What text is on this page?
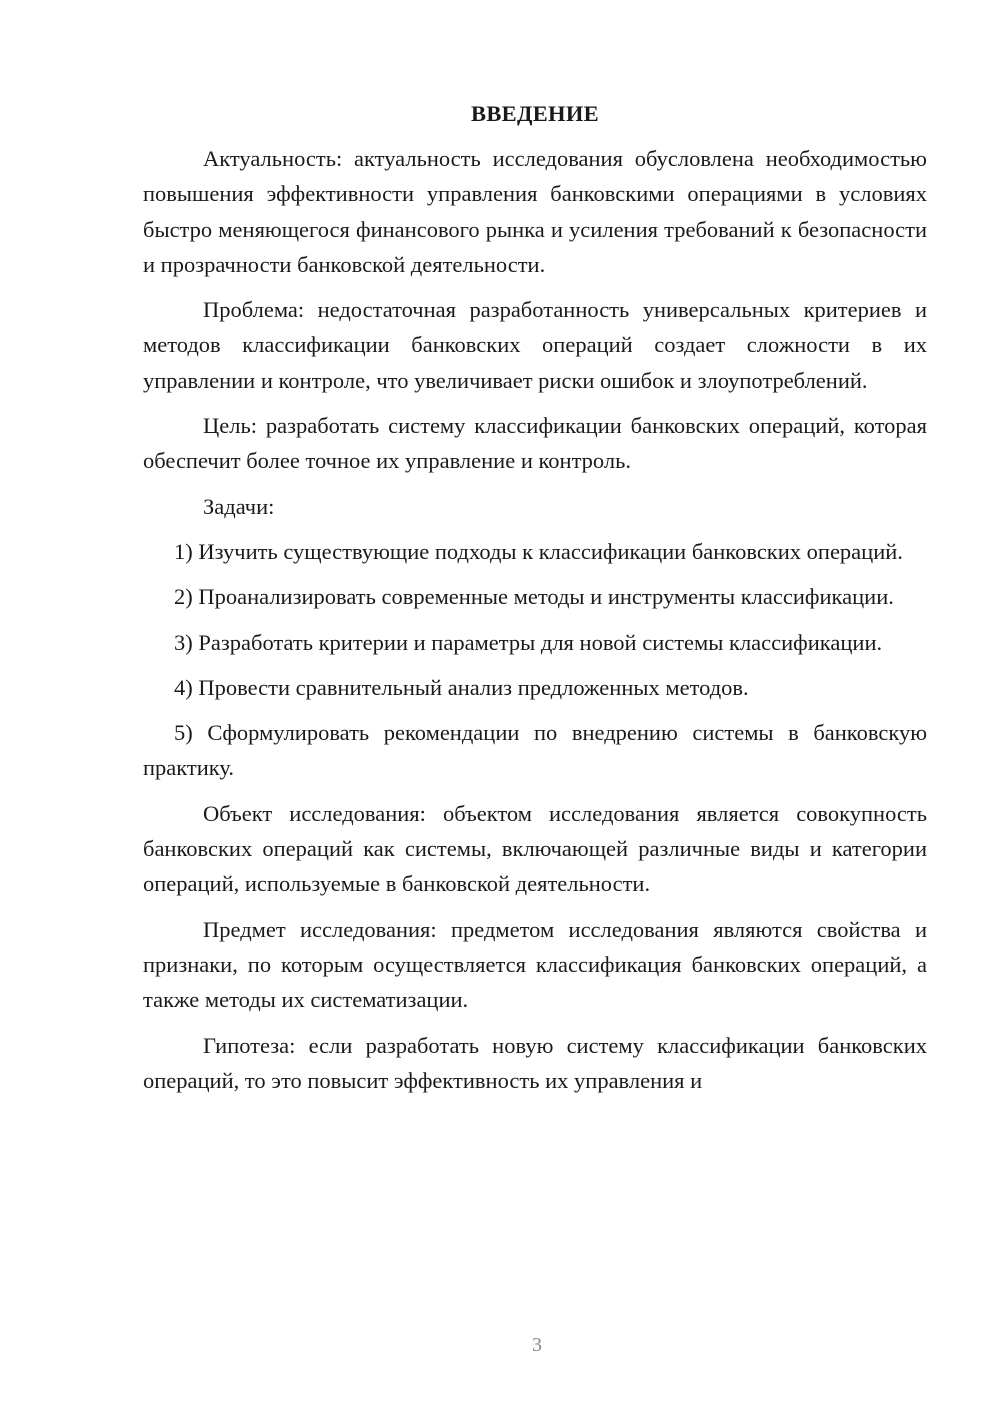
ВВЕДЕНИЕ

Актуальность: актуальность исследования обусловлена необходимостью повышения эффективности управления банковскими операциями в условиях быстро меняющегося финансового рынка и усиления требований к безопасности и прозрачности банковской деятельности.

Проблема: недостаточная разработанность универсальных критериев и методов классификации банковских операций создает сложности в их управлении и контроле, что увеличивает риски ошибок и злоупотреблений.

Цель: разработать систему классификации банковских операций, которая обеспечит более точное их управление и контроль.

Задачи:

1) Изучить существующие подходы к классификации банковских операций.

2) Проанализировать современные методы и инструменты классификации.

3) Разработать критерии и параметры для новой системы классификации.

4) Провести сравнительный анализ предложенных методов.

5) Сформулировать рекомендации по внедрению системы в банковскую практику.

Объект исследования: объектом исследования является совокупность банковских операций как системы, включающей различные виды и категории операций, используемые в банковской деятельности.

Предмет исследования: предметом исследования являются свойства и признаки, по которым осуществляется классификация банковских операций, а также методы их систематизации.

Гипотеза: если разработать новую систему классификации банковских операций, то это повысит эффективность их управления и

3
